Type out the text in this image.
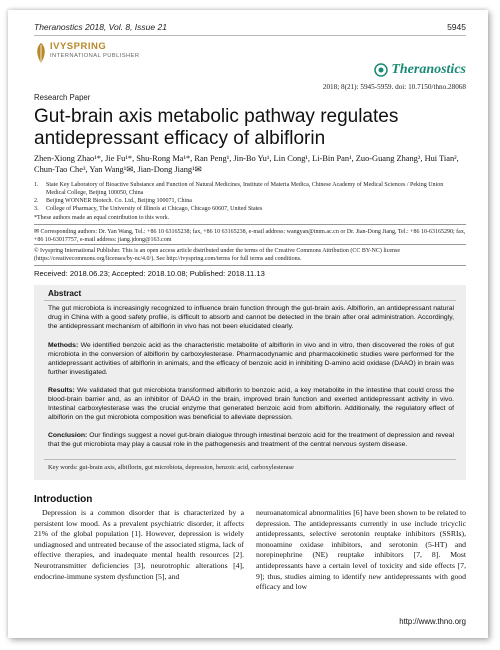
Theranostics 2018, Vol. 8, Issue 21	5945
IVYSPRING
INTERNATIONAL PUBLISHER
Theranostics
2018; 8(21): 5945-5959. doi: 10.7150/thno.28068
Research Paper
Gut-brain axis metabolic pathway regulates antidepressant efficacy of albiflorin
Zhen-Xiong Zhao¹*, Jie Fu¹*, Shu-Rong Ma¹*, Ran Peng¹, Jin-Bo Yu¹, Lin Cong¹, Li-Bin Pan¹, Zuo-Guang Zhang², Hui Tian², Chun-Tao Che³, Yan Wang¹✉, Jian-Dong Jiang¹✉
1.	State Key Laboratory of Bioactive Substance and Function of Natural Medicines, Institute of Materia Medica, Chinese Academy of Medical Sciences / Peking Union Medical College, Beijing 100050, China
2.	Beijing WONNER Biotech. Co. Ltd., Beijing 100071, China
3.	College of Pharmacy, The University of Illinois at Chicago, Chicago 60607, United States
*These authors made an equal contribution to this work.
✉ Corresponding authors: Dr. Yan Wang, Tel.: +86 10 63165238; fax, +86 10 63165238, e-mail address: wangyan@imm.ac.cn or Dr. Jian-Dong Jiang, Tel.: +86 10-63165290; fax, +86 10-63017757, e-mail address: jiang.jdong@163.com
© Ivyspring International Publisher. This is an open access article distributed under the terms of the Creative Commons Attribution (CC BY-NC) license (https://creativecommons.org/licenses/by-nc/4.0/). See http://ivyspring.com/terms for full terms and conditions.
Received: 2018.06.23; Accepted: 2018.10.08; Published: 2018.11.13
Abstract
The gut microbiota is increasingly recognized to influence brain function through the gut-brain axis. Albiflorin, an antidepressant natural drug in China with a good safety profile, is difficult to absorb and cannot be detected in the brain after oral administration. Accordingly, the antidepressant mechanism of albiflorin in vivo has not been elucidated clearly.
Methods: We identified benzoic acid as the characteristic metabolite of albiflorin in vivo and in vitro, then discovered the roles of gut microbiota in the conversion of albiflorin by carboxylesterase. Pharmacodynamic and pharmacokinetic studies were performed for the antidepressant activities of albiflorin in animals, and the efficacy of benzoic acid in inhibiting D-amino acid oxidase (DAAO) in brain was further investigated.
Results: We validated that gut microbiota transformed albiflorin to benzoic acid, a key metabolite in the intestine that could cross the blood-brain barrier and, as an inhibitor of DAAO in the brain, improved brain function and exerted antidepressant activity in vivo. Intestinal carboxylesterase was the crucial enzyme that generated benzoic acid from albiflorin. Additionally, the regulatory effect of albiflorin on the gut microbiota composition was beneficial to alleviate depression.
Conclusion: Our findings suggest a novel gut-brain dialogue through intestinal benzoic acid for the treatment of depression and reveal that the gut microbiota may play a causal role in the pathogenesis and treatment of the central nervous system disease.
Key words: gut-brain axis, albiflorin, gut microbiota, depression, benzoic acid, carboxylesterase
Introduction
Depression is a common disorder that is characterized by a persistent low mood. As a prevalent psychiatric disorder, it affects 21% of the global population [1]. However, depression is widely undiagnosed and untreated because of the associated stigma, lack of effective therapies, and inadequate mental health resources [2]. Neurotransmitter deficiencies [3], neurotrophic alterations [4], endocrine-immune system dysfunction [5], and
neuroanatomical abnormalities [6] have been shown to be related to depression. The antidepressants currently in use include tricyclic antidepressants, selective serotonin reuptake inhibitors (SSRIs), monoamine oxidase inhibitors, and serotonin (5-HT) and norepinephrine (NE) reuptake inhibitors [7, 8]. Most antidepressants have a certain level of toxicity and side effects [7, 9]; thus, studies aiming to identify new antidepressants with good efficacy and low
http://www.thno.org
